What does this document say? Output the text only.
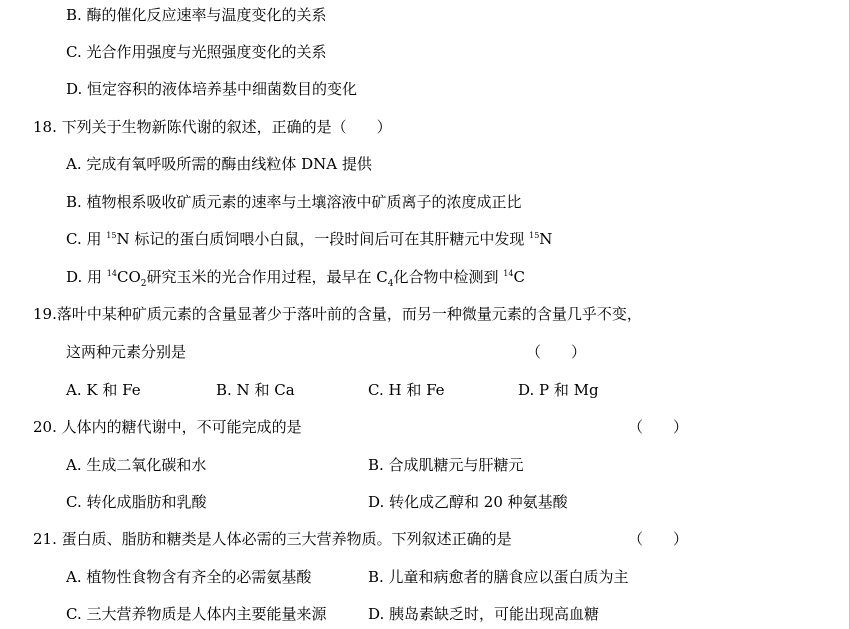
B. 酶的催化反应速率与温度变化的关系
C. 光合作用强度与光照强度变化的关系
D. 恒定容积的液体培养基中细菌数目的变化
18. 下列关于生物新陈代谢的叙述，正确的是（　　）
A. 完成有氧呼吸所需的酶由线粒体 DNA 提供
B. 植物根系吸收矿质元素的速率与土壤溶液中矿质离子的浓度成正比
C. 用 $^{15}$N 标记的蛋白质饲喂小白鼠，一段时间后可在其肝糖元中发现 $^{15}$N
D. 用 $^{14}CO_2$研究玉米的光合作用过程，最早在 $C_4$化合物中检测到 $^{14}$C
19.落叶中某种矿质元素的含量显著少于落叶前的含量，而另一种微量元素的含量几乎不变，
这两种元素分别是	（　　）
A. K 和 Fe	B. N 和 Ca	C. H 和 Fe	D. P 和 Mg
20. 人体内的糖代谢中，不可能完成的是	（　　）
A. 生成二氧化碳和水	B. 合成肌糖元与肝糖元
C. 转化成脂肪和乳酸	D. 转化成乙醇和 20 种氨基酸
21. 蛋白质、脂肪和糖类是人体必需的三大营养物质。下列叙述正确的是	（　　）
A. 植物性食物含有齐全的必需氨基酸	B. 儿童和病愈者的膳食应以蛋白质为主
C. 三大营养物质是人体内主要能量来源	D. 胰岛素缺乏时，可能出现高血糖
